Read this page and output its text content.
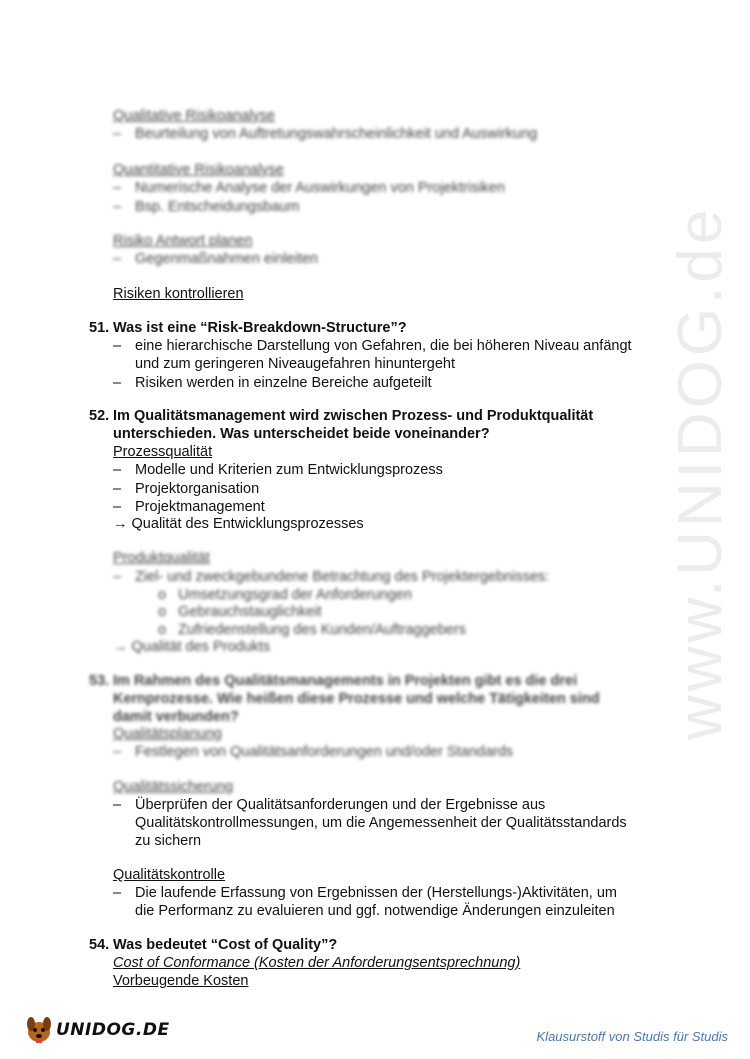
www.UNIDOG.de
Qualitative Risikoanalyse
– Beurteilung von Auftretungswahrscheinlichkeit und Auswirkung
Quantitative Risikoanalyse
– Numerische Analyse der Auswirkungen von Projektrisiken
– Bsp. Entscheidungsbaum
Risiko Antwort planen
– Gegenmaßnahmen einleiten
Risiken kontrollieren
51. Was ist eine “Risk-Breakdown-Structure”?
– eine hierarchische Darstellung von Gefahren, die bei höheren Niveau anfängt
und zum geringeren Niveaugefahren hinuntergeht
– Risiken werden in einzelne Bereiche aufgeteilt
52. Im Qualitätsmanagement wird zwischen Prozess- und Produktqualität
unterschieden. Was unterscheidet beide voneinander?
Prozessqualität
– Modelle und Kriterien zum Entwicklungsprozess
– Projektorganisation
– Projektmanagement
→ Qualität des Entwicklungsprozesses
Produktqualität
– Ziel- und zweckgebundene Betrachtung des Projektergebnisses:
o Umsetzungsgrad der Anforderungen
o Gebrauchstauglichkeit
o Zufriedenstellung des Kunden/Auftraggebers
→ Qualität des Produkts
53. Im Rahmen des Qualitätsmanagements in Projekten gibt es die drei
Kernprozesse. Wie heißen diese Prozesse und welche Tätigkeiten sind
damit verbunden?
Qualitätsplanung
– Festlegen von Qualitätsanforderungen und/oder Standards
Qualitätssicherung
– Überprüfen der Qualitätsanforderungen und der Ergebnisse aus
Qualitätskontrollmessungen, um die Angemessenheit der Qualitätsstandards
zu sichern
Qualitätskontrolle
– Die laufende Erfassung von Ergebnissen der (Herstellungs-)Aktivitäten, um
die Performanz zu evaluieren und ggf. notwendige Änderungen einzuleiten
54. Was bedeutet “Cost of Quality”?
Cost of Conformance (Kosten der Anforderungsentsprechnung)
Vorbeugende Kosten
UNIDOG.DE	Klausurstoff von Studis für Studis
